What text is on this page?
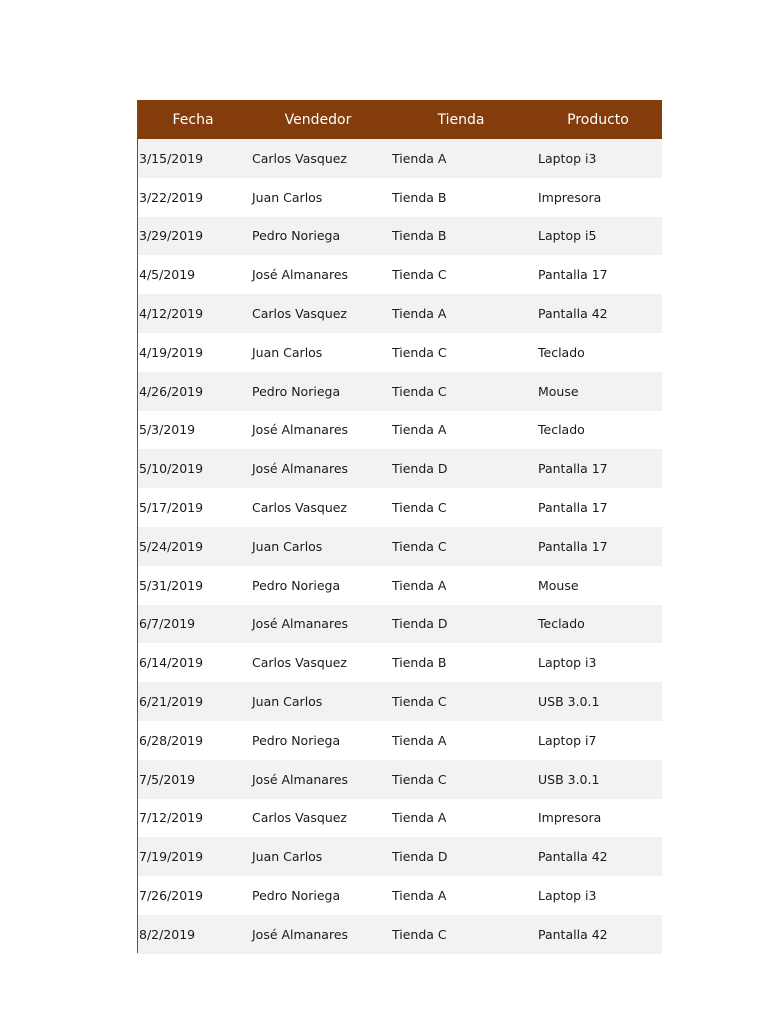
Fecha	Vendedor	Tienda	Producto
3/15/2019	Carlos Vasquez	Tienda A	Laptop i3
3/22/2019	Juan Carlos	Tienda B	Impresora
3/29/2019	Pedro Noriega	Tienda B	Laptop i5
4/5/2019	José Almanares	Tienda C	Pantalla 17
4/12/2019	Carlos Vasquez	Tienda A	Pantalla 42
4/19/2019	Juan Carlos	Tienda C	Teclado
4/26/2019	Pedro Noriega	Tienda C	Mouse
5/3/2019	José Almanares	Tienda A	Teclado
5/10/2019	José Almanares	Tienda D	Pantalla 17
5/17/2019	Carlos Vasquez	Tienda C	Pantalla 17
5/24/2019	Juan Carlos	Tienda C	Pantalla 17
5/31/2019	Pedro Noriega	Tienda A	Mouse
6/7/2019	José Almanares	Tienda D	Teclado
6/14/2019	Carlos Vasquez	Tienda B	Laptop i3
6/21/2019	Juan Carlos	Tienda C	USB 3.0.1
6/28/2019	Pedro Noriega	Tienda A	Laptop i7
7/5/2019	José Almanares	Tienda C	USB 3.0.1
7/12/2019	Carlos Vasquez	Tienda A	Impresora
7/19/2019	Juan Carlos	Tienda D	Pantalla 42
7/26/2019	Pedro Noriega	Tienda A	Laptop i3
8/2/2019	José Almanares	Tienda C	Pantalla 42
